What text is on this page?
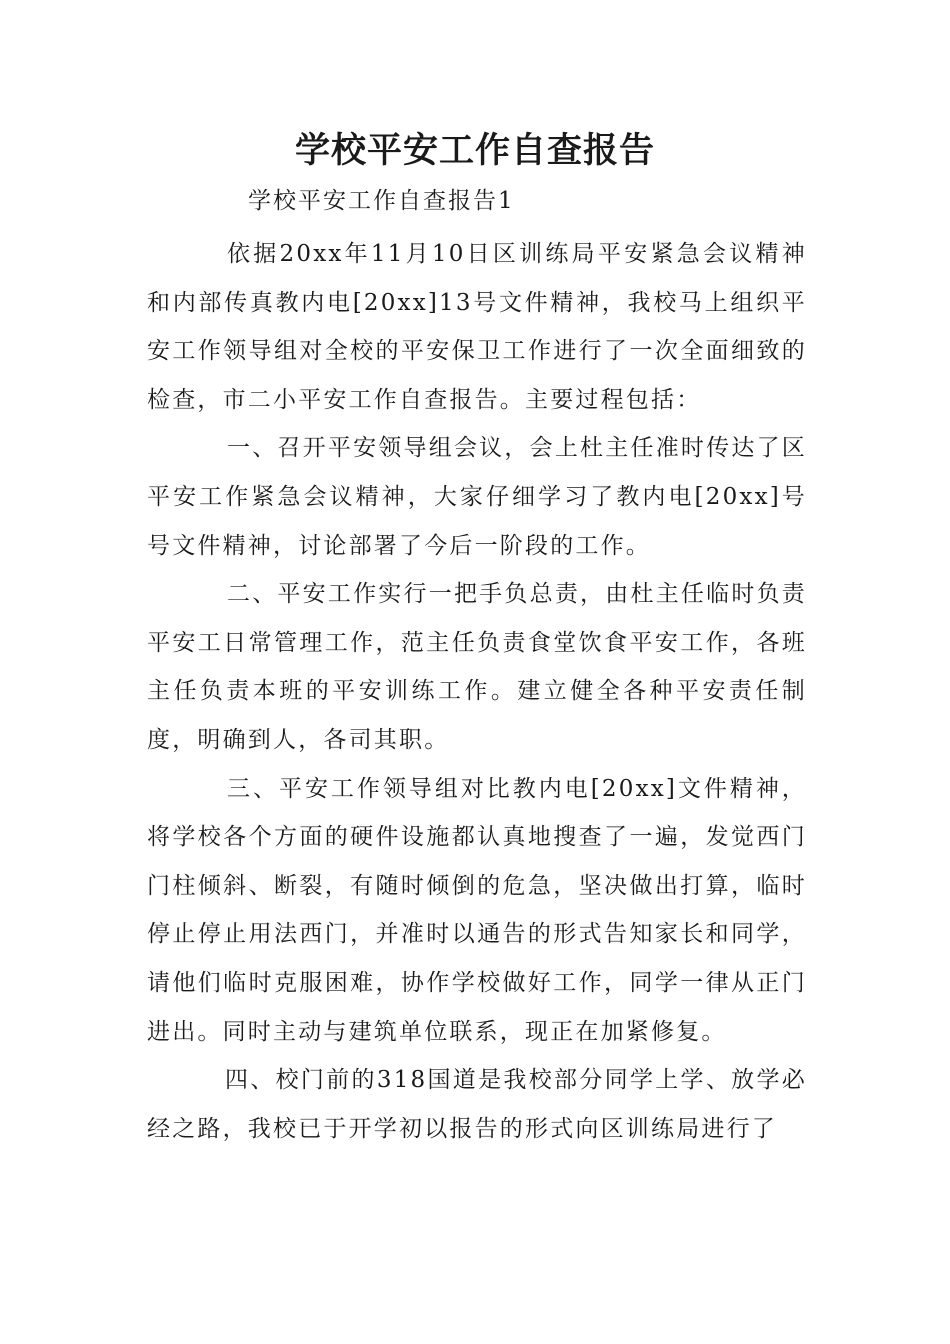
学校平安工作自查报告

学校平安工作自查报告1

依据20xx年11月10日区训练局平安紧急会议精神和内部传真教内电[20xx]13号文件精神，我校马上组织平安工作领导组对全校的平安保卫工作进行了一次全面细致的检查，市二小平安工作自查报告。主要过程包括：

一、召开平安领导组会议，会上杜主任准时传达了区平安工作紧急会议精神，大家仔细学习了教内电[20xx]号号文件精神，讨论部署了今后一阶段的工作。

二、平安工作实行一把手负总责，由杜主任临时负责平安工日常管理工作，范主任负责食堂饮食平安工作，各班主任负责本班的平安训练工作。建立健全各种平安责任制度，明确到人，各司其职。

三、平安工作领导组对比教内电[20xx]文件精神，将学校各个方面的硬件设施都认真地搜查了一遍，发觉西门门柱倾斜、断裂，有随时倾倒的危急，坚决做出打算，临时停止停止用法西门，并准时以通告的形式告知家长和同学，请他们临时克服困难，协作学校做好工作，同学一律从正门进出。同时主动与建筑单位联系，现正在加紧修复。

四、校门前的318国道是我校部分同学上学、放学必经之路，我校已于开学初以报告的形式向区训练局进行了
